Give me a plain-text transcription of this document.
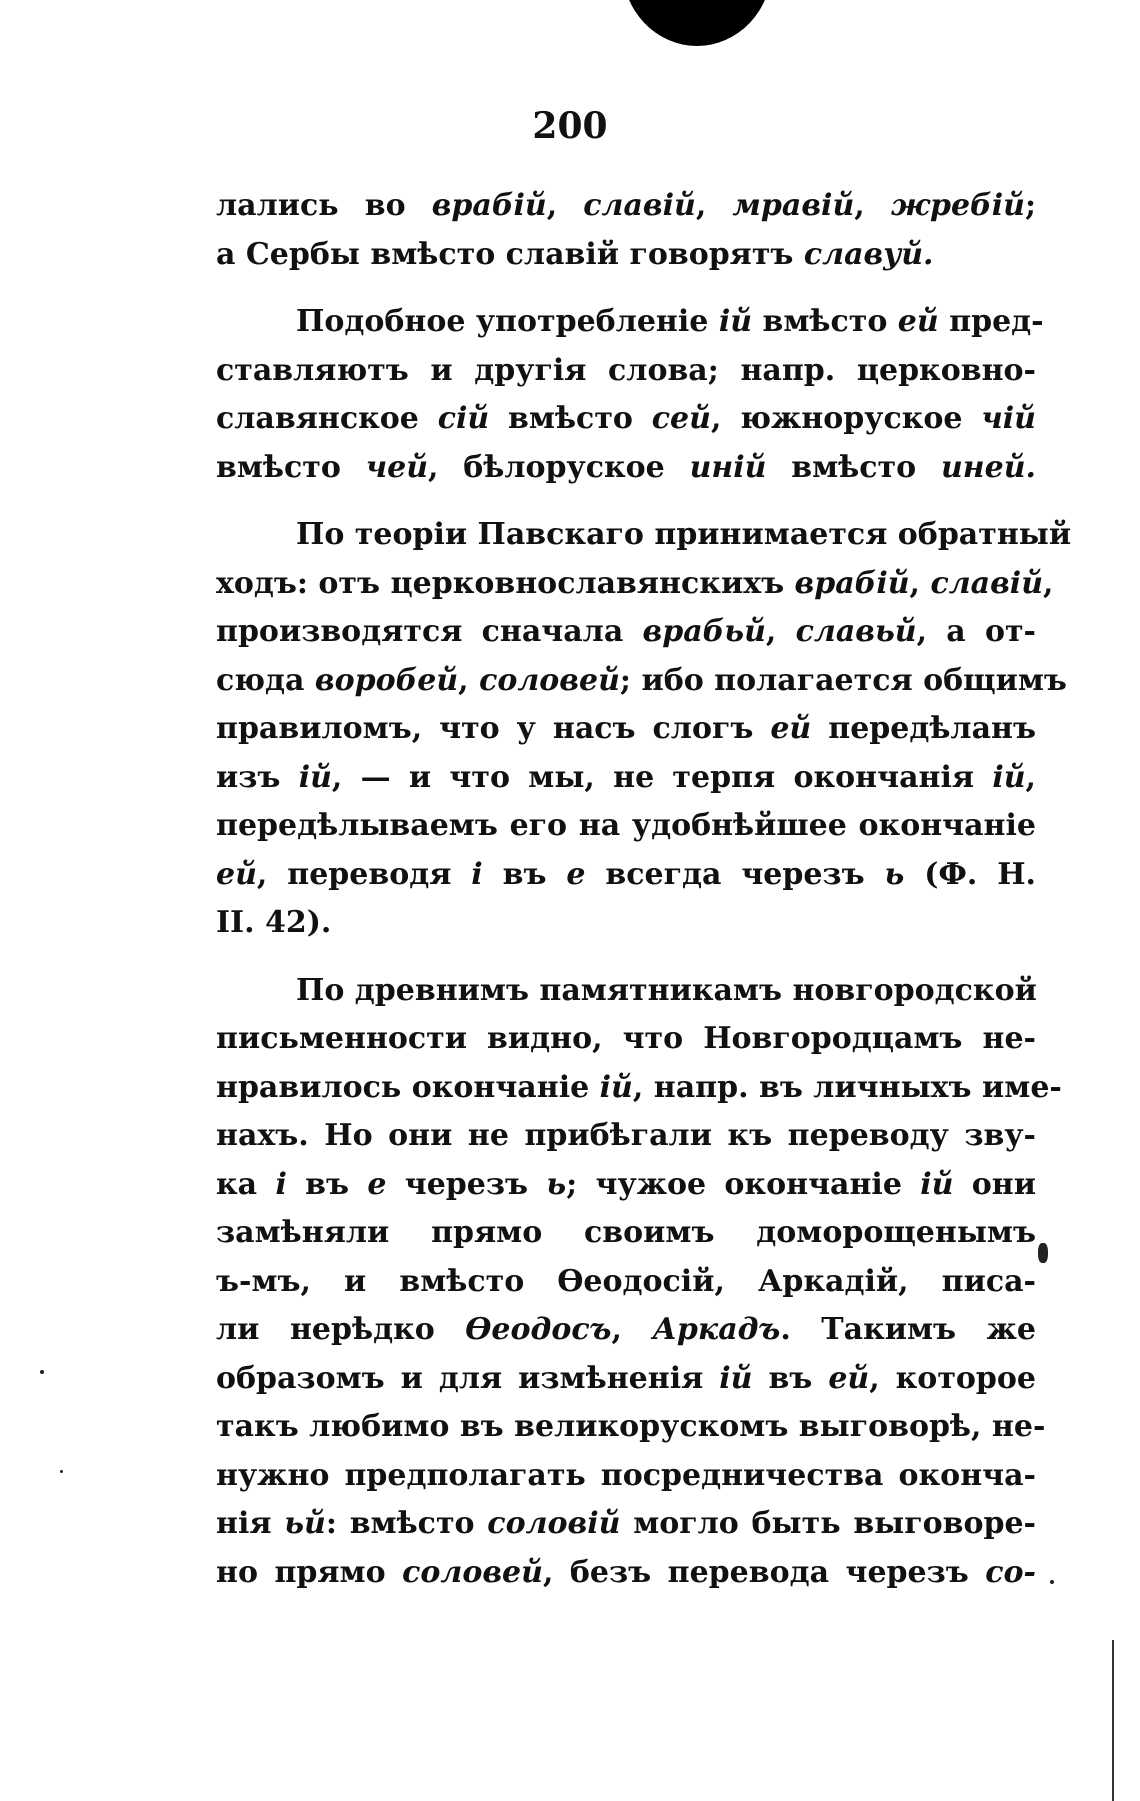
200
лались во врабій, славій, мравій, жребій;
а Сербы вмѣсто славій говорятъ славуй.
Подобное употребленіе ій вмѣсто ей пред-
ставляютъ и другія слова; напр. церковно-
славянское сій вмѣсто сей, южноруское чій
вмѣсто чей, бѣлоруское иній вмѣсто иней.
По теоріи Павскаго принимается обратный
ходъ: отъ церковнославянскихъ врабій, славій,
производятся сначала врабьй, славьй, а от-
сюда воробей, соловей; ибо полагается общимъ
правиломъ, что у насъ слогъ ей передѣланъ
изъ ій, — и что мы, не терпя окончанія ій,
передѣлываемъ его на удобнѣйшее окончаніе
ей, переводя і въ е всегда черезъ ь (Ф. Н.
II. 42).
По древнимъ памятникамъ новгородской
письменности видно, что Новгородцамъ не-
нравилось окончаніе ій, напр. въ личныхъ име-
нахъ. Но они не прибѣгали къ переводу зву-
ка і въ е черезъ ь; чужое окончаніе ій они
замѣняли прямо своимъ доморощенымъ
ъ-мъ, и вмѣсто Ѳеодосій, Аркадій, писа-
ли нерѣдко Ѳеодосъ, Аркадъ. Такимъ же
образомъ и для измѣненія ій въ ей, которое
такъ любимо въ великорускомъ выговорѣ, не-
нужно предполагать посредничества оконча-
нія ьй: вмѣсто соловій могло быть выговоре-
но прямо соловей, безъ перевода черезъ со-
